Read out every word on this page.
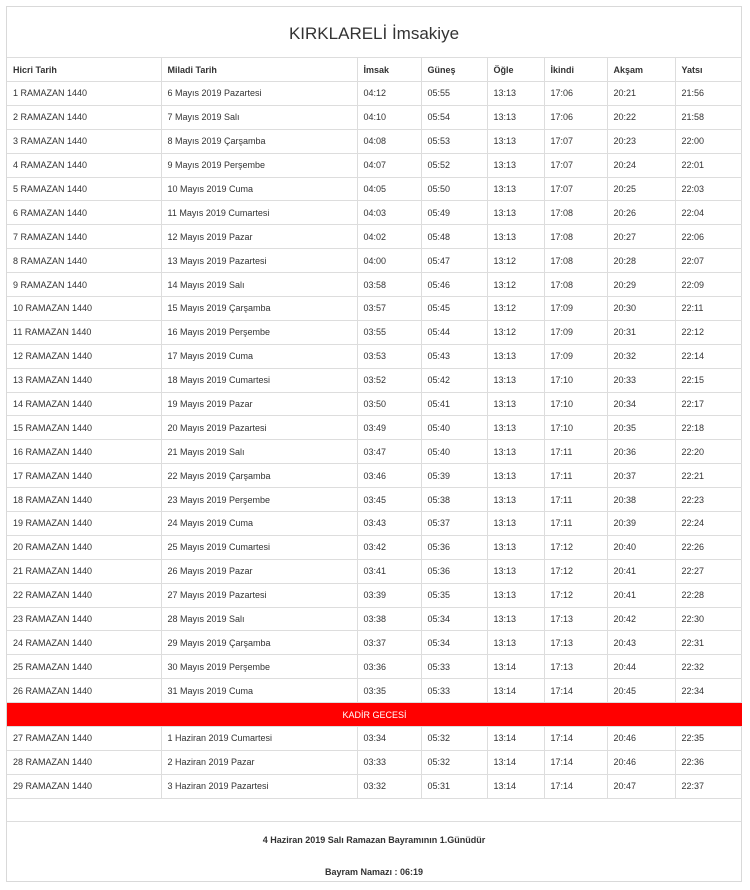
KIRKLARELİ İmsakiye
Hicri Tarih	Miladi Tarih	İmsak	Güneş	Öğle	İkindi	Akşam	Yatsı
1 RAMAZAN 1440	6 Mayıs 2019 Pazartesi	04:12	05:55	13:13	17:06	20:21	21:56
2 RAMAZAN 1440	7 Mayıs 2019 Salı	04:10	05:54	13:13	17:06	20:22	21:58
3 RAMAZAN 1440	8 Mayıs 2019 Çarşamba	04:08	05:53	13:13	17:07	20:23	22:00
4 RAMAZAN 1440	9 Mayıs 2019 Perşembe	04:07	05:52	13:13	17:07	20:24	22:01
5 RAMAZAN 1440	10 Mayıs 2019 Cuma	04:05	05:50	13:13	17:07	20:25	22:03
6 RAMAZAN 1440	11 Mayıs 2019 Cumartesi	04:03	05:49	13:13	17:08	20:26	22:04
7 RAMAZAN 1440	12 Mayıs 2019 Pazar	04:02	05:48	13:13	17:08	20:27	22:06
8 RAMAZAN 1440	13 Mayıs 2019 Pazartesi	04:00	05:47	13:12	17:08	20:28	22:07
9 RAMAZAN 1440	14 Mayıs 2019 Salı	03:58	05:46	13:12	17:08	20:29	22:09
10 RAMAZAN 1440	15 Mayıs 2019 Çarşamba	03:57	05:45	13:12	17:09	20:30	22:11
11 RAMAZAN 1440	16 Mayıs 2019 Perşembe	03:55	05:44	13:12	17:09	20:31	22:12
12 RAMAZAN 1440	17 Mayıs 2019 Cuma	03:53	05:43	13:13	17:09	20:32	22:14
13 RAMAZAN 1440	18 Mayıs 2019 Cumartesi	03:52	05:42	13:13	17:10	20:33	22:15
14 RAMAZAN 1440	19 Mayıs 2019 Pazar	03:50	05:41	13:13	17:10	20:34	22:17
15 RAMAZAN 1440	20 Mayıs 2019 Pazartesi	03:49	05:40	13:13	17:10	20:35	22:18
16 RAMAZAN 1440	21 Mayıs 2019 Salı	03:47	05:40	13:13	17:11	20:36	22:20
17 RAMAZAN 1440	22 Mayıs 2019 Çarşamba	03:46	05:39	13:13	17:11	20:37	22:21
18 RAMAZAN 1440	23 Mayıs 2019 Perşembe	03:45	05:38	13:13	17:11	20:38	22:23
19 RAMAZAN 1440	24 Mayıs 2019 Cuma	03:43	05:37	13:13	17:11	20:39	22:24
20 RAMAZAN 1440	25 Mayıs 2019 Cumartesi	03:42	05:36	13:13	17:12	20:40	22:26
21 RAMAZAN 1440	26 Mayıs 2019 Pazar	03:41	05:36	13:13	17:12	20:41	22:27
22 RAMAZAN 1440	27 Mayıs 2019 Pazartesi	03:39	05:35	13:13	17:12	20:41	22:28
23 RAMAZAN 1440	28 Mayıs 2019 Salı	03:38	05:34	13:13	17:13	20:42	22:30
24 RAMAZAN 1440	29 Mayıs 2019 Çarşamba	03:37	05:34	13:13	17:13	20:43	22:31
25 RAMAZAN 1440	30 Mayıs 2019 Perşembe	03:36	05:33	13:14	17:13	20:44	22:32
26 RAMAZAN 1440	31 Mayıs 2019 Cuma	03:35	05:33	13:14	17:14	20:45	22:34
KADİR GECESİ							
27 RAMAZAN 1440	1 Haziran 2019 Cumartesi	03:34	05:32	13:14	17:14	20:46	22:35
28 RAMAZAN 1440	2 Haziran 2019 Pazar	03:33	05:32	13:14	17:14	20:46	22:36
29 RAMAZAN 1440	3 Haziran 2019 Pazartesi	03:32	05:31	13:14	17:14	20:47	22:37
4 Haziran 2019 Salı Ramazan Bayramının 1.Günüdür
Bayram Namazı : 06:19
